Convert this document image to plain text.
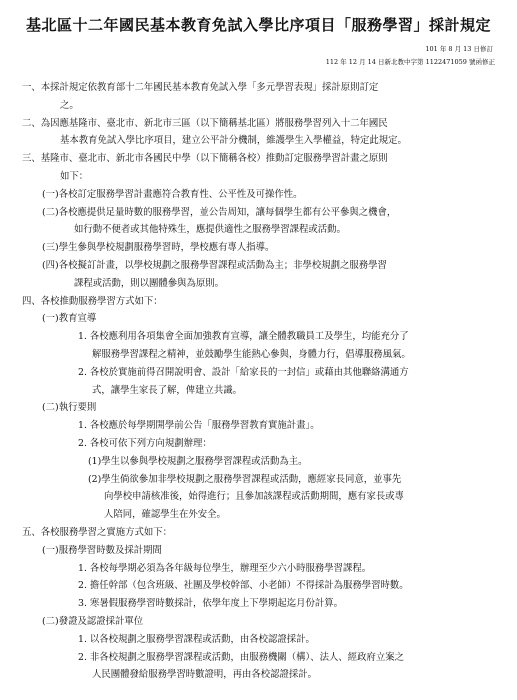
基北區十二年國民基本教育免試入學比序項目「服務學習」採計規定
101 年 8 月 13 日修訂
112 年 12 月 14 日新北教中字第 1122471059 號函修正
一、本採計規定依教育部十二年國民基本教育免試入學「多元學習表現」採計原則訂定
之。
二、為因應基隆市、臺北市、新北市三區（以下簡稱基北區）將服務學習列入十二年國民
基本教育免試入學比序項目，建立公平計分機制，維護學生入學權益，特定此規定。
三、基隆市、臺北市、新北市各國民中學（以下簡稱各校）推動訂定服務學習計畫之原則
如下：
(一)各校訂定服務學習計畫應符合教育性、公平性及可操作性。
(二)各校應提供足量時數的服務學習，並公告周知，讓每個學生都有公平參與之機會，
如行動不便者或其他特殊生，應提供適性之服務學習課程或活動。
(三)學生參與學校規劃服務學習時，學校應有專人指導。
(四)各校擬訂計畫，以學校規劃之服務學習課程或活動為主；非學校規劃之服務學習
課程或活動，則以團體參與為原則。
四、各校推動服務學習方式如下：
(一)教育宣導
1. 各校應利用各項集會全面加強教育宣導，讓全體教職員工及學生，均能充分了
解服務學習課程之精神，並鼓勵學生能熱心參與，身體力行，倡導服務風氣。
2. 各校於實施前得召開說明會、設計「給家長的一封信」或藉由其他聯絡溝通方
式，讓學生家長了解，俾建立共識。
(二)執行要則
1. 各校應於每學期開學前公告「服務學習教育實施計畫」。
2. 各校可依下列方向規劃辦理：
(1)學生以參與學校規劃之服務學習課程或活動為主。
(2)學生倘欲參加非學校規劃之服務學習課程或活動，應經家長同意，並事先
向學校申請核准後，始得進行；且參加該課程或活動期間，應有家長或專
人陪同，確認學生在外安全。
五、各校服務學習之實施方式如下：
(一)服務學習時數及採計期間
1. 各校每學期必須為各年級每位學生，辦理至少六小時服務學習課程。
2. 擔任幹部（包含班級、社團及學校幹部、小老師）不得採計為服務學習時數。
3. 寒暑假服務學習時數採計，依學年度上下學期起迄月份計算。
(二)發證及認證採計單位
1. 以各校規劃之服務學習課程或活動，由各校認證採計。
2. 非各校規劃之服務學習課程或活動，由服務機關（構）、法人、經政府立案之
人民團體發給服務學習時數證明，再由各校認證採計。
